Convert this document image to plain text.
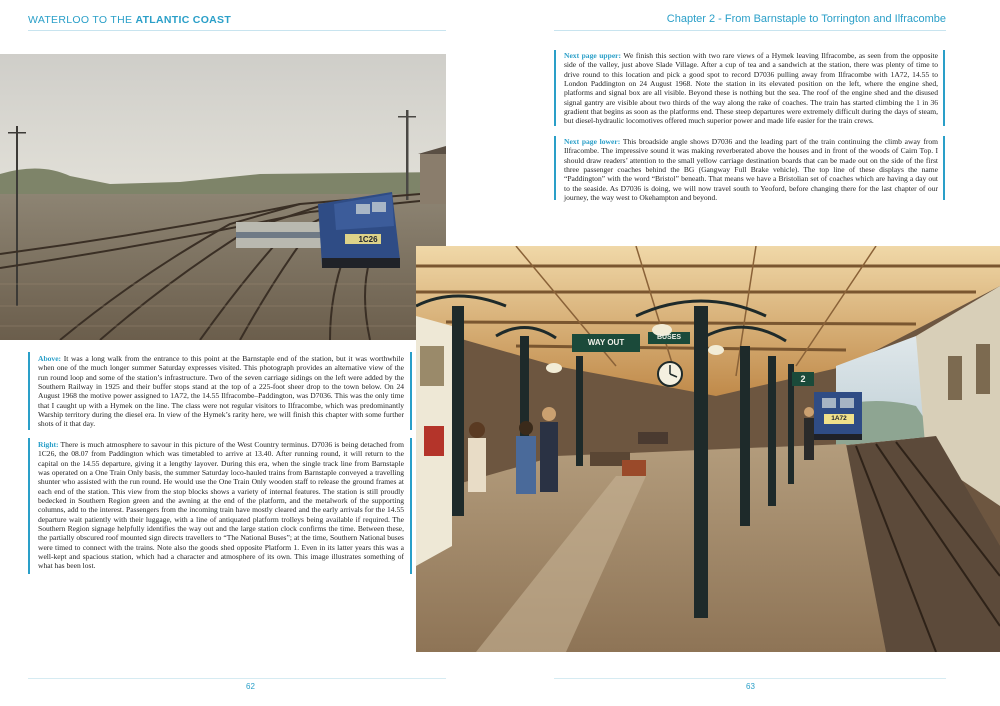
WATERLOO TO THE ATLANTIC COAST	Chapter 2 - From Barnstaple to Torrington and Ilfracombe
1C26

Next page upper: We finish this section with two rare views of a Hymek leaving Ilfracombe, as seen from the opposite side of the valley, just above Slade Village. After a cup of tea and a sandwich at the station, there was plenty of time to drive round to this location and pick a good spot to record D7036 pulling away from Ilfracombe with 1A72, 14.55 to London Paddington on 24 August 1968. Note the station in its elevated position on the left, where the engine shed, platforms and signal box are all visible. Beyond these is nothing but the sea. The roof of the engine shed and the disused signal gantry are visible about two thirds of the way along the rake of coaches. The train has started climbing the 1 in 36 gradient that begins as soon as the platforms end. These steep departures were extremely difficult during the days of steam, but diesel-hydraulic locomotives offered much superior power and made life easier for the train crews.

Next page lower: This broadside angle shows D7036 and the leading part of the train continuing the climb away from Ilfracombe. The impressive sound it was making reverberated above the houses and in front of the woods of Cairn Top. I should draw readers’ attention to the small yellow carriage destination boards that can be made out on the side of the first three passenger coaches behind the BG (Gangway Full Brake vehicle). The top line of these displays the name “Paddington” with the word “Bristol” beneath. That means we have a Bristolian set of coaches which are having a day out to the seaside. As D7036 is doing, we will now travel south to Yeoford, before changing there for the last chapter of our journey, the way west to Okehampton and beyond.

WAY OUT
BUSES
2
1A72

Above: It was a long walk from the entrance to this point at the Barnstaple end of the station, but it was worthwhile when one of the much longer summer Saturday expresses visited. This photograph provides an alternative view of the run round loop and some of the station’s infrastructure. Two of the seven carriage sidings on the left were added by the Southern Railway in 1925 and their buffer stops stand at the top of a 225-foot sheer drop to the town below. On 24 August 1968 the motive power assigned to 1A72, the 14.55 Ilfracombe–Paddington, was D7036. This was the only time that I caught up with a Hymek on the line. The class were not regular visitors to Ilfracombe, which was predominantly Warship territory during the diesel era. In view of the Hymek’s rarity here, we will finish this chapter with some further shots of it that day.

Right: There is much atmosphere to savour in this picture of the West Country terminus. D7036 is being detached from 1C26, the 08.07 from Paddington which was timetabled to arrive at 13.40. After running round, it will return to the capital on the 14.55 departure, giving it a lengthy layover. During this era, when the single track line from Barnstaple was operated on a One Train Only basis, the summer Saturday loco-hauled trains from Barnstaple conveyed a travelling shunter who assisted with the run round. He would use the One Train Only wooden staff to release the ground frames at each end of the station. This view from the stop blocks shows a variety of internal features. The station is still proudly bedecked in Southern Region green and the awning at the end of the platform, and the metalwork of the supporting columns, add to the interest. Passengers from the incoming train have mostly cleared and the early arrivals for the 14.55 departure wait patiently with their luggage, with a line of antiquated platform trolleys being available if required. The Southern Region signage helpfully identifies the way out and the large station clock confirms the time. Between these, the partially obscured roof mounted sign directs travellers to “The National Buses”; at the time, Southern National buses were timed to connect with the trains. Note also the goods shed opposite Platform 1. Even in its latter years this was a well-kept and spacious station, which had a character and atmosphere of its own. This image illustrates something of what has been lost.

62	63
